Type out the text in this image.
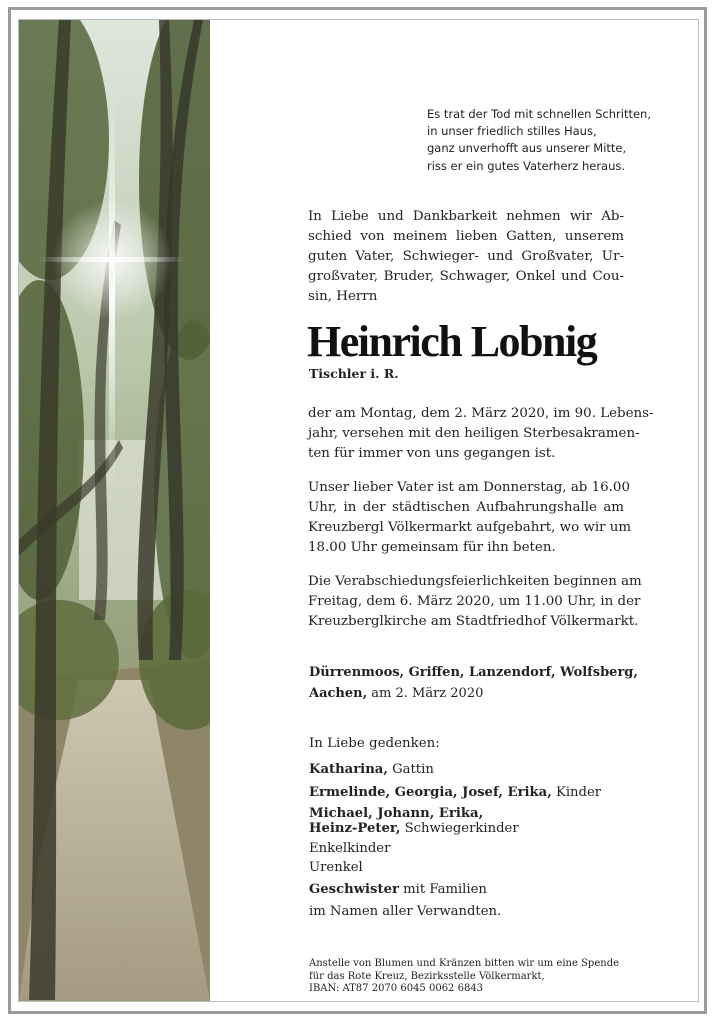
Es trat der Tod mit schnellen Schritten,
in unser friedlich stilles Haus,
ganz unverhofft aus unserer Mitte,
riss er ein gutes Vaterherz heraus.
In Liebe und Dankbarkeit nehmen wir Ab-
schied von meinem lieben Gatten, unserem
guten Vater, Schwieger- und Großvater, Ur-
großvater, Bruder, Schwager, Onkel und Cou-
sin, Herrn
Heinrich Lobnig
Tischler i. R.
der am Montag, dem 2. März 2020, im 90. Lebens-
jahr, versehen mit den heiligen Sterbesakramen-
ten für immer von uns gegangen ist.
Unser lieber Vater ist am Donnerstag, ab 16.00
Uhr, in der städtischen Aufbahrungshalle am
Kreuzbergl Völkermarkt aufgebahrt, wo wir um
18.00 Uhr gemeinsam für ihn beten.
Die Verabschiedungsfeierlichkeiten beginnen am
Freitag, dem 6. März 2020, um 11.00 Uhr, in der
Kreuzberglkirche am Stadtfriedhof Völkermarkt.
Dürrenmoos, Griffen, Lanzendorf, Wolfsberg,
Aachen, am 2. März 2020
In Liebe gedenken:
Katharina, Gattin
Ermelinde, Georgia, Josef, Erika, Kinder
Michael, Johann, Erika,
Heinz-Peter, Schwiegerkinder
Enkelkinder
Urenkel
Geschwister mit Familien
im Namen aller Verwandten.
Anstelle von Blumen und Kränzen bitten wir um eine Spende
für das Rote Kreuz, Bezirksstelle Völkermarkt,
IBAN: AT87 2070 6045 0062 6843
